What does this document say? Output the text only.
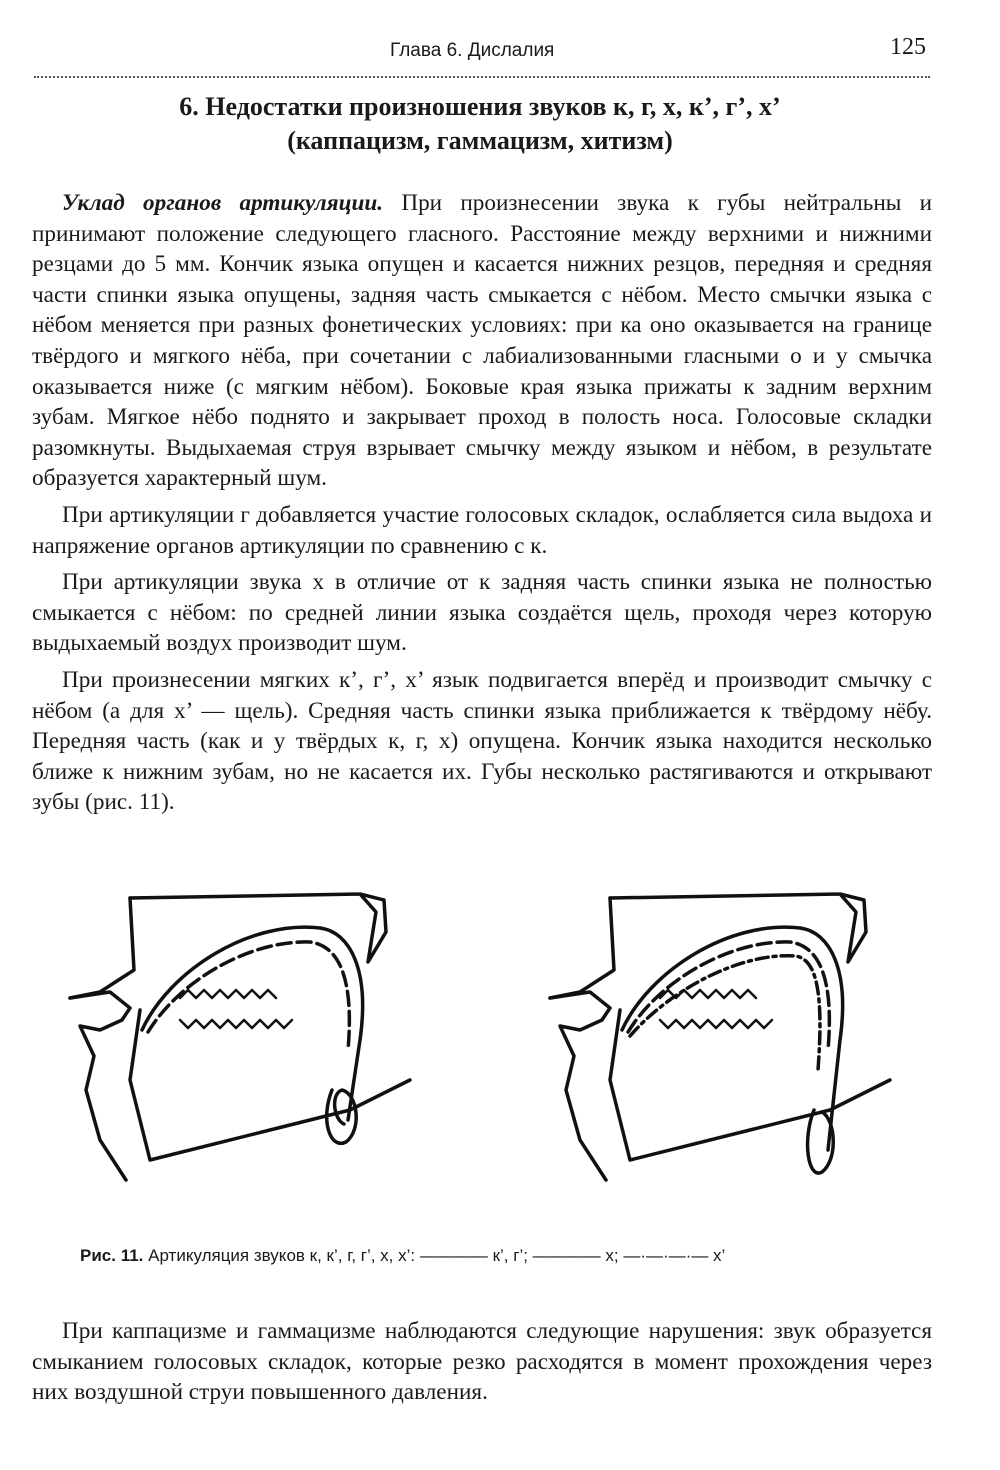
Глава 6. Дислалия	125
6. Недостатки произношения звуков к, г, х, к’, г’, х’
(каппацизм, гаммацизм, хитизм)

Уклад органов артикуляции. При произнесении звука к губы нейтральны и принимают положение следующего гласного. Расстояние между верхними и нижними резцами до 5 мм. Кончик языка опущен и касается нижних резцов, передняя и средняя части спинки языка опущены, задняя часть смыкается с нёбом. Место смычки языка с нёбом меняется при разных фонетических условиях: при ка оно оказывается на границе твёрдого и мягкого нёба, при сочетании с лабиализованными гласными о и у смычка оказывается ниже (с мягким нёбом). Боковые края языка прижаты к задним верхним зубам. Мягкое нёбо поднято и закрывает проход в полость носа. Голосовые складки разомкнуты. Выдыхаемая струя взрывает смычку между языком и нёбом, в результате образуется характерный шум.

При артикуляции г добавляется участие голосовых складок, ослабляется сила выдоха и напряжение органов артикуляции по сравнению с к.

При артикуляции звука х в отличие от к задняя часть спинки языка не полностью смыкается с нёбом: по средней линии языка создаётся щель, проходя через которую выдыхаемый воздух производит шум.

При произнесении мягких к’, г’, х’ язык подвигается вперёд и производит смычку с нёбом (а для х’ — щель). Средняя часть спинки языка приближается к твёрдому нёбу. Передняя часть (как и у твёрдых к, г, х) опущена. Кончик языка находится несколько ближе к нижним зубам, но не касается их. Губы несколько растягиваются и открывают зубы (рис. 11).

Рис. 11. Артикуляция звуков к, к’, г, г’, х, х’: ———— к’, г’; ———— х; —·—·—·— х’

При каппацизме и гаммацизме наблюдаются следующие нарушения: звук образуется смыканием голосовых складок, которые резко расходятся в момент прохождения через них воздушной струи повышенного давления.
